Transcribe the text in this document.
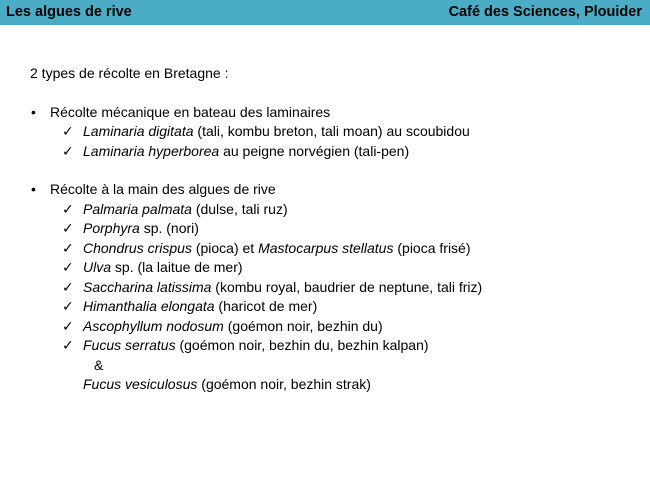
Les algues de rive	Café des Sciences, Plouider
2 types de récolte en Bretagne :
• Récolte mécanique en bateau des laminaires
✓ Laminaria digitata (tali, kombu breton, tali moan) au scoubidou
✓ Laminaria hyperborea au peigne norvégien (tali-pen)
• Récolte à la main des algues de rive
✓ Palmaria palmata (dulse, tali ruz)
✓ Porphyra sp. (nori)
✓ Chondrus crispus (pioca) et Mastocarpus stellatus (pioca frisé)
✓ Ulva sp. (la laitue de mer)
✓ Saccharina latissima (kombu royal, baudrier de neptune, tali friz)
✓ Himanthalia elongata (haricot de mer)
✓ Ascophyllum nodosum (goémon noir, bezhin du)
✓ Fucus serratus (goémon noir, bezhin du, bezhin kalpan)
&
Fucus vesiculosus (goémon noir, bezhin strak)
